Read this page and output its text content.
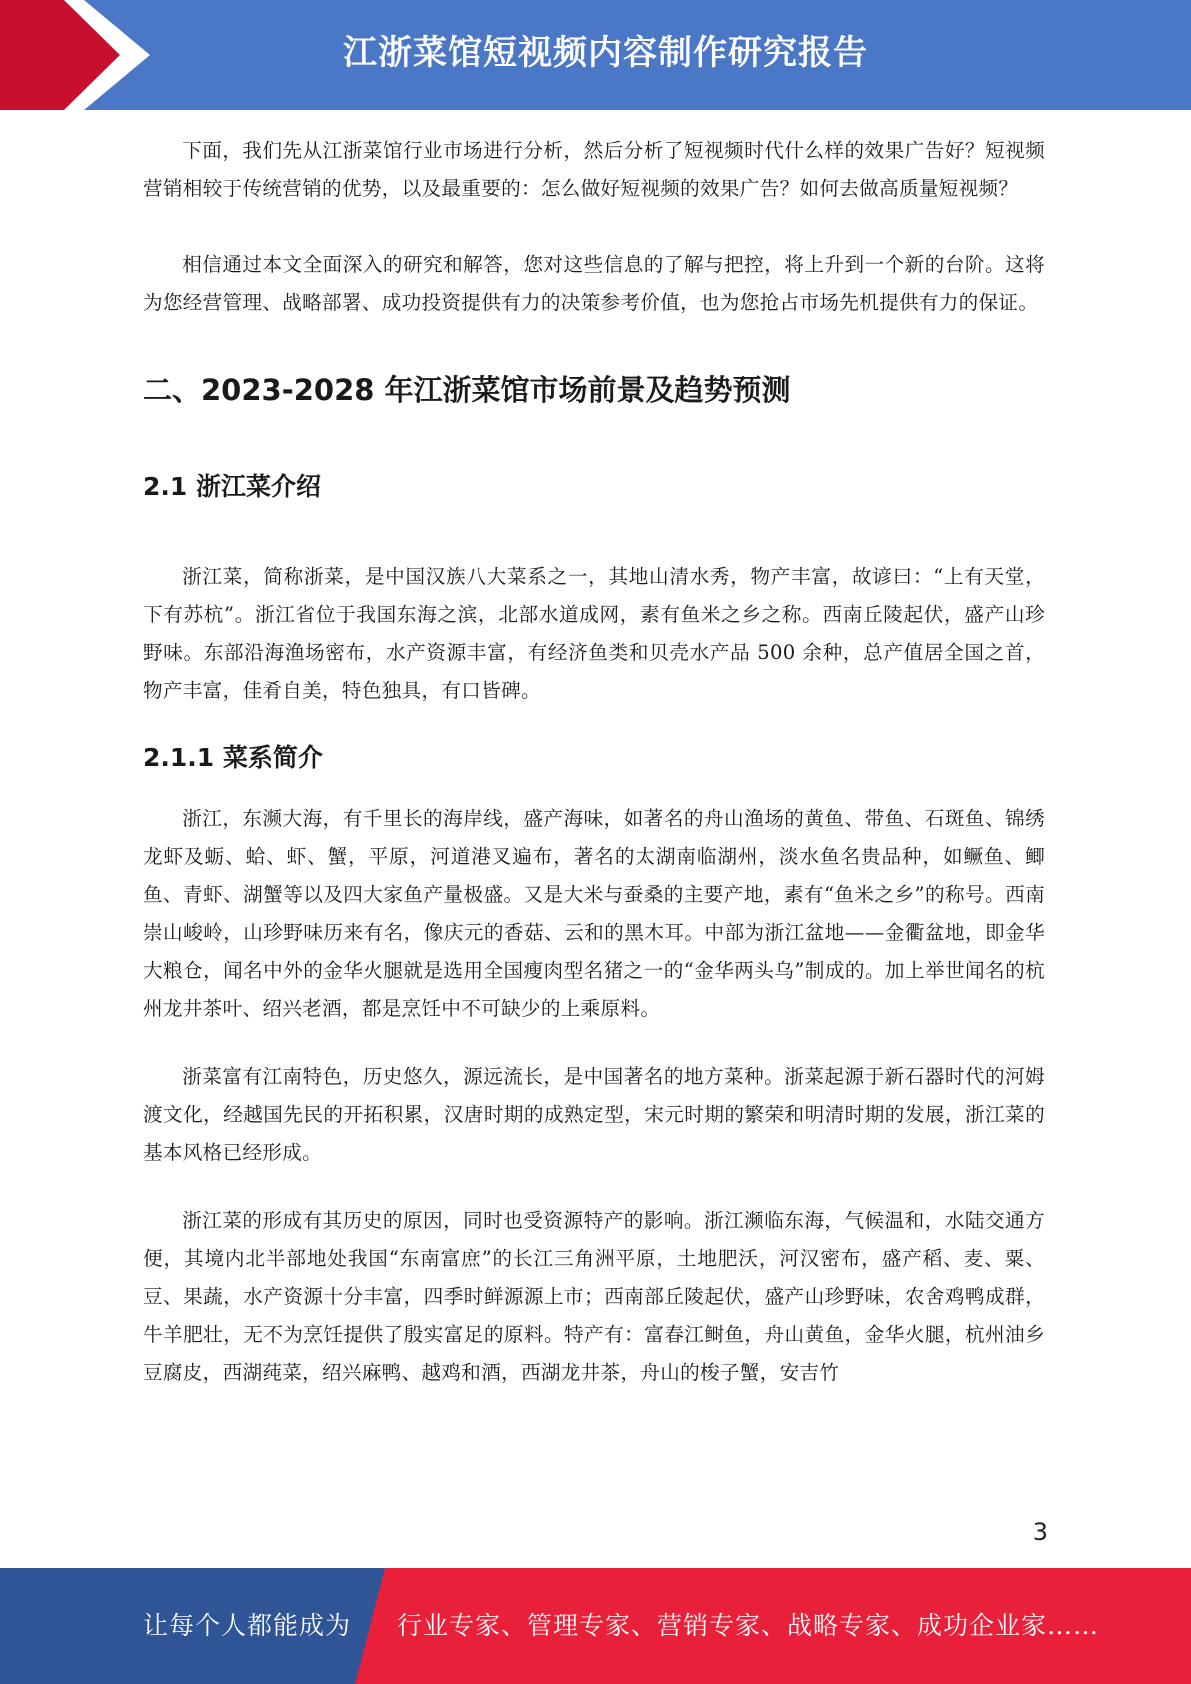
江浙菜馆短视频内容制作研究报告

下面，我们先从江浙菜馆行业市场进行分析，然后分析了短视频时代什么样的效果广告好？短视频营销相较于传统营销的优势，以及最重要的：怎么做好短视频的效果广告？如何去做高质量短视频？

相信通过本文全面深入的研究和解答，您对这些信息的了解与把控，将上升到一个新的台阶。这将为您经营管理、战略部署、成功投资提供有力的决策参考价值，也为您抢占市场先机提供有力的保证。

二、2023-2028 年江浙菜馆市场前景及趋势预测
2.1 浙江菜介绍

浙江菜，简称浙菜，是中国汉族八大菜系之一，其地山清水秀，物产丰富，故谚曰：“上有天堂，下有苏杭”。浙江省位于我国东海之滨，北部水道成网，素有鱼米之乡之称。西南丘陵起伏，盛产山珍野味。东部沿海渔场密布，水产资源丰富，有经济鱼类和贝壳水产品 500 余种，总产值居全国之首，物产丰富，佳肴自美，特色独具，有口皆碑。

2.1.1 菜系简介

浙江，东濒大海，有千里长的海岸线，盛产海味，如著名的舟山渔场的黄鱼、带鱼、石斑鱼、锦绣龙虾及蛎、蛤、虾、蟹，平原，河道港叉遍布，著名的太湖南临湖州，淡水鱼名贵品种，如鳜鱼、鲫鱼、青虾、湖蟹等以及四大家鱼产量极盛。又是大米与蚕桑的主要产地，素有“鱼米之乡”的称号。西南崇山峻岭，山珍野味历来有名，像庆元的香菇、云和的黑木耳。中部为浙江盆地——金衢盆地，即金华大粮仓，闻名中外的金华火腿就是选用全国瘦肉型名猪之一的“金华两头乌”制成的。加上举世闻名的杭州龙井茶叶、绍兴老酒，都是烹饪中不可缺少的上乘原料。

浙菜富有江南特色，历史悠久，源远流长，是中国著名的地方菜种。浙菜起源于新石器时代的河姆渡文化，经越国先民的开拓积累，汉唐时期的成熟定型，宋元时期的繁荣和明清时期的发展，浙江菜的基本风格已经形成。

浙江菜的形成有其历史的原因，同时也受资源特产的影响。浙江濒临东海，气候温和，水陆交通方便，其境内北半部地处我国“东南富庶”的长江三角洲平原，土地肥沃，河汉密布，盛产稻、麦、粟、豆、果蔬，水产资源十分丰富，四季时鲜源源上市；西南部丘陵起伏，盛产山珍野味，农舍鸡鸭成群，牛羊肥壮，无不为烹饪提供了殷实富足的原料。特产有：富春江鲥鱼，舟山黄鱼，金华火腿，杭州油乡豆腐皮，西湖莼菜，绍兴麻鸭、越鸡和酒，西湖龙井茶，舟山的梭子蟹，安吉竹

3
让每个人都能成为 行业专家、管理专家、营销专家、战略专家、成功企业家……
